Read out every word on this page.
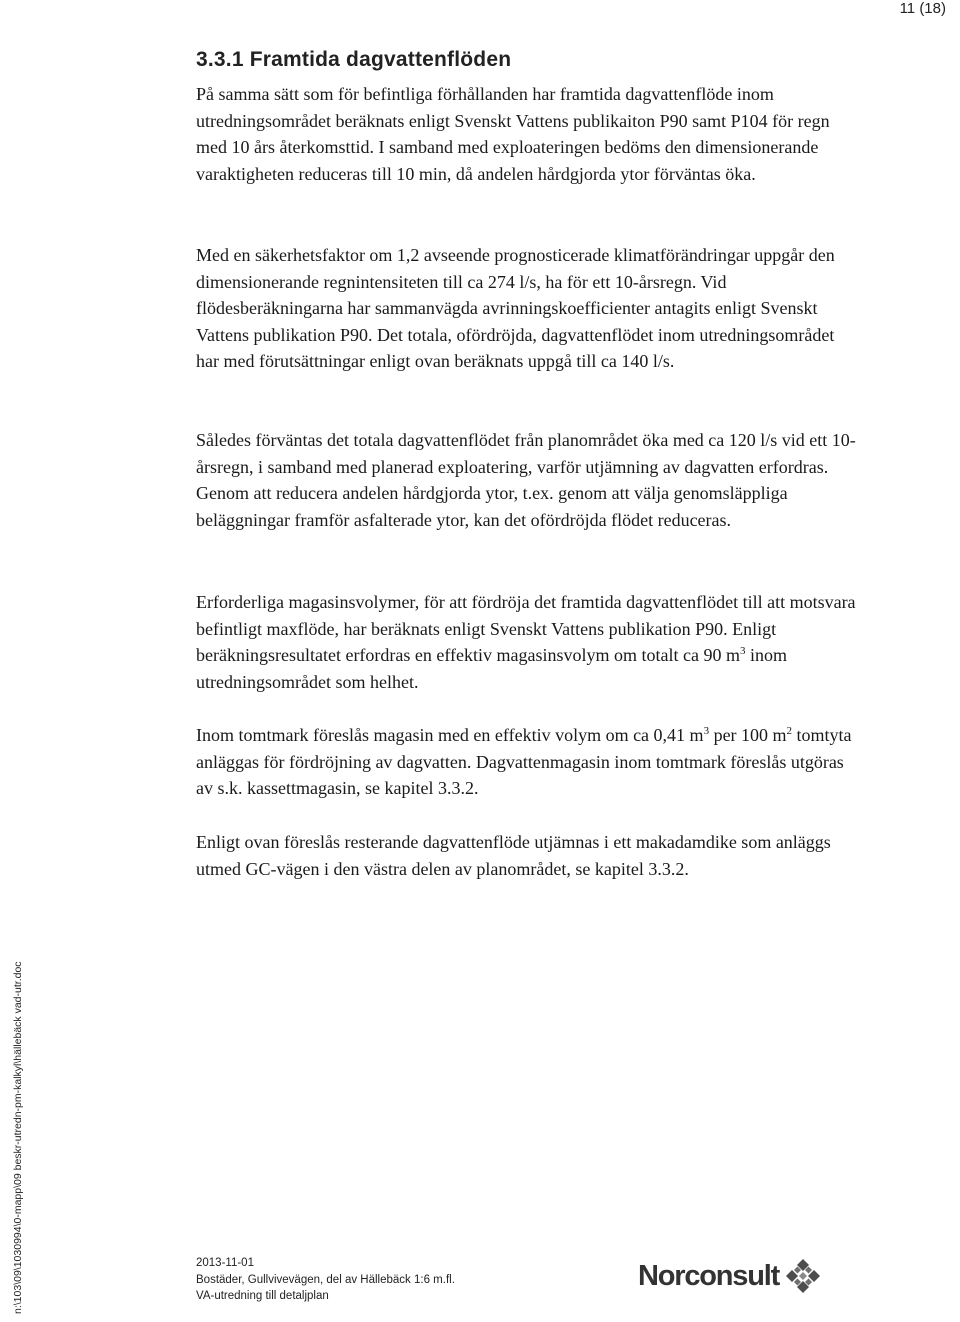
11 (18)
3.3.1 Framtida dagvattenflöden

På samma sätt som för befintliga förhållanden har framtida dagvattenflöde inom utredningsområdet beräknats enligt Svenskt Vattens publikaiton P90 samt P104 för regn med 10 års återkomsttid. I samband med exploateringen bedöms den dimensionerande varaktigheten reduceras till 10 min, då andelen hårdgjorda ytor förväntas öka.

Med en säkerhetsfaktor om 1,2 avseende prognosticerade klimatförändringar uppgår den dimensionerande regnintensiteten till ca 274 l/s, ha för ett 10-årsregn. Vid flödesberäkningarna har sammanvägda avrinningskoefficienter antagits enligt Svenskt Vattens publikation P90. Det totala, ofördröjda, dagvattenflödet inom utredningsområdet har med förutsättningar enligt ovan beräknats uppgå till ca 140 l/s.

Således förväntas det totala dagvattenflödet från planområdet öka med ca 120 l/s vid ett 10-årsregn, i samband med planerad exploatering, varför utjämning av dagvatten erfordras. Genom att reducera andelen hårdgjorda ytor, t.ex. genom att välja genomsläppliga beläggningar framför asfalterade ytor, kan det ofördröjda flödet reduceras.

Erforderliga magasinsvolymer, för att fördröja det framtida dagvattenflödet till att motsvara befintligt maxflöde, har beräknats enligt Svenskt Vattens publikation P90. Enligt beräkningsresultatet erfordras en effektiv magasinsvolym om totalt ca 90 $m^3$ inom utredningsområdet som helhet.

Inom tomtmark föreslås magasin med en effektiv volym om ca 0,41 $m^3$ per 100 $m^2$ tomtyta anläggas för fördröjning av dagvatten. Dagvattenmagasin inom tomtmark föreslås utgöras av s.k. kassettmagasin, se kapitel 3.3.2.

Enligt ovan föreslås resterande dagvattenflöde utjämnas i ett makadamdike som anläggs utmed GC-vägen i den västra delen av planområdet, se kapitel 3.3.2.

n:\103\09\1030994\0-mapp\09 beskr-utredn-pm-kalkyl\hällebäck vad-utr.doc	2013-11-01
Bostäder, Gullvivevägen, del av Hällebäck 1:6 m.fl.
VA-utredning till detaljplan
Norconsult
